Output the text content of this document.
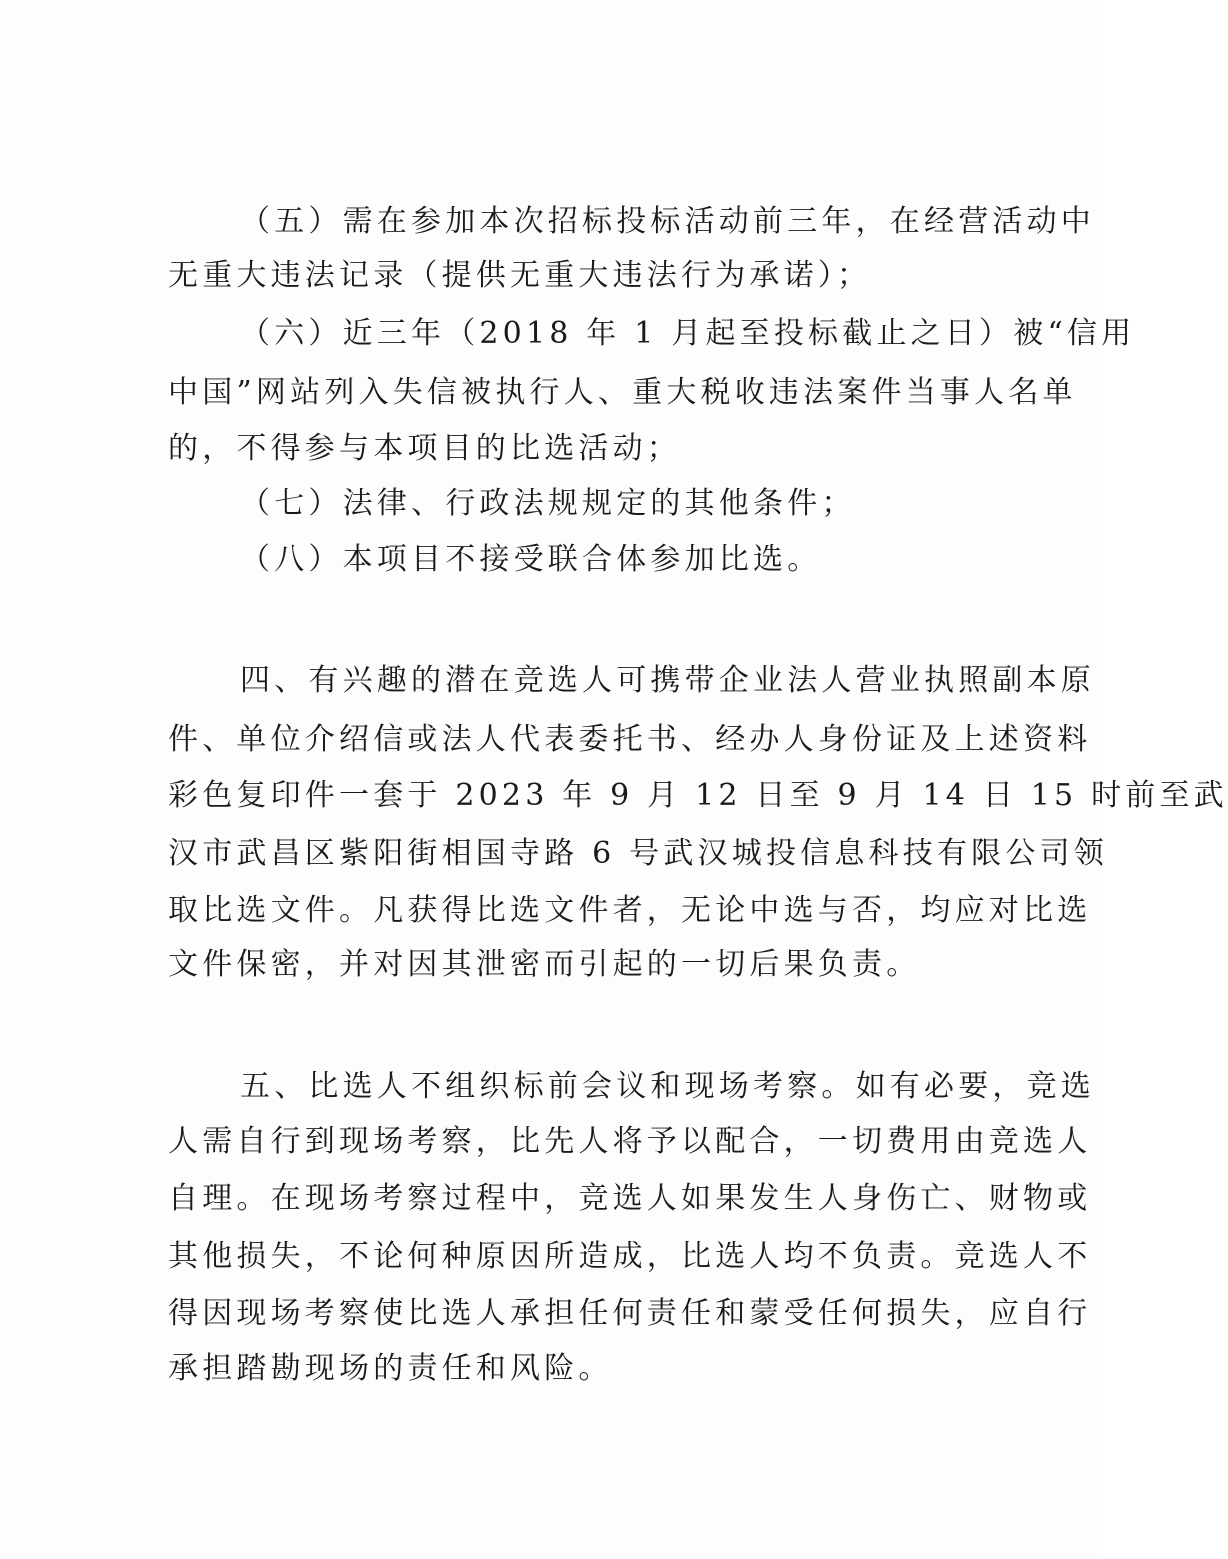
（五）需在参加本次招标投标活动前三年，在经营活动中
无重大违法记录（提供无重大违法行为承诺）；
（六）近三年（2018 年 1 月起至投标截止之日）被“信用
中国”网站列入失信被执行人、重大税收违法案件当事人名单
的，不得参与本项目的比选活动；
（七）法律、行政法规规定的其他条件；
（八）本项目不接受联合体参加比选。
四、有兴趣的潜在竞选人可携带企业法人营业执照副本原
件、单位介绍信或法人代表委托书、经办人身份证及上述资料
彩色复印件一套于 2023 年 9 月 12 日至 9 月 14 日 15 时前至武
汉市武昌区紫阳街相国寺路 6 号武汉城投信息科技有限公司领
取比选文件。凡获得比选文件者，无论中选与否，均应对比选
文件保密，并对因其泄密而引起的一切后果负责。
五、比选人不组织标前会议和现场考察。如有必要，竞选
人需自行到现场考察，比先人将予以配合，一切费用由竞选人
自理。在现场考察过程中，竞选人如果发生人身伤亡、财物或
其他损失，不论何种原因所造成，比选人均不负责。竞选人不
得因现场考察使比选人承担任何责任和蒙受任何损失，应自行
承担踏勘现场的责任和风险。
